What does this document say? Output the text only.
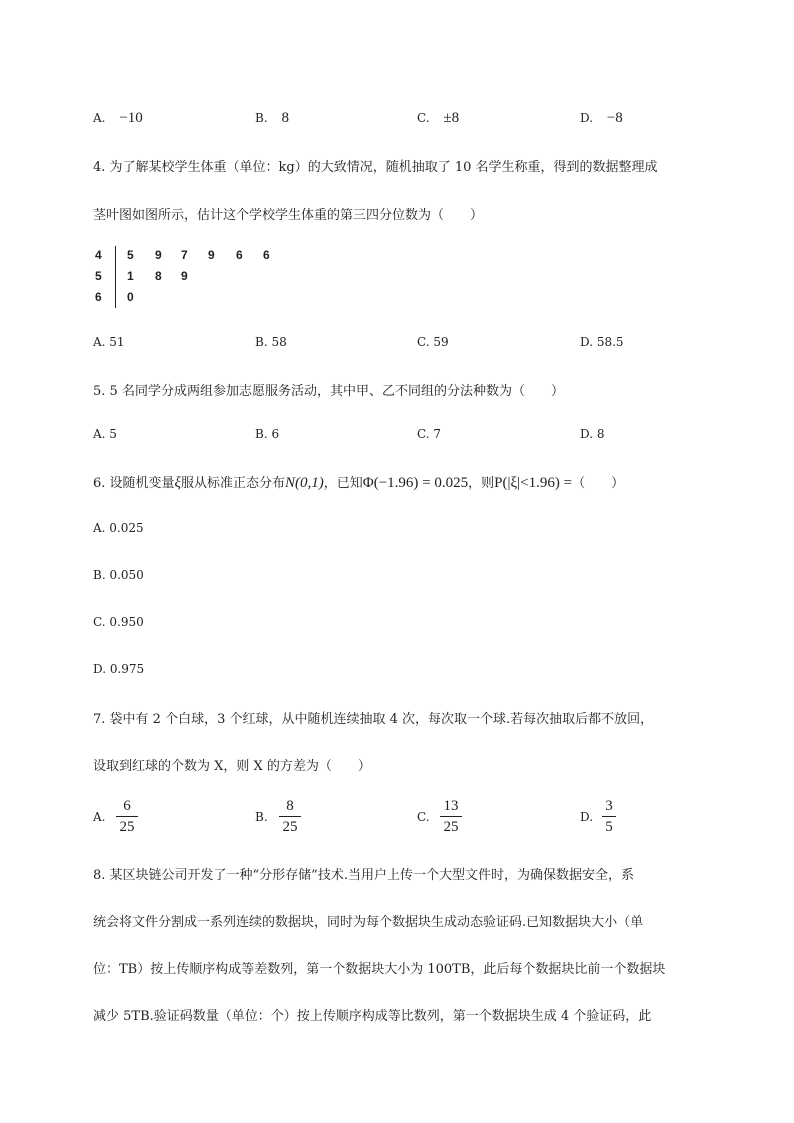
A. −10	B. 8	C. ±8	D. −8
4. 为了解某校学生体重（单位：kg）的大致情况，随机抽取了 10 名学生称重，得到的数据整理成
茎叶图如图所示，估计这个学校学生体重的第三四分位数为（　　）
4 5 9 7 9 6 6
5 1 8 9
6 0
A. 51	B. 58	C. 59	D. 58.5
5. 5 名同学分成两组参加志愿服务活动，其中甲、乙不同组的分法种数为（　　）
A. 5	B. 6	C. 7	D. 8
6. 设随机变量ξ服从标准正态分布N(0,1)，已知Φ(−1.96) = 0.025，则P(|ξ|<1.96) =（　　）
A. 0.025
B. 0.050
C. 0.950
D. 0.975
7. 袋中有 2 个白球，3 个红球，从中随机连续抽取 4 次，每次取一个球.若每次抽取后都不放回，
设取到红球的个数为 X，则 X 的方差为（　　）
A.
6
25
B.
8
25
C.
13
25
D.
3
5
8. 某区块链公司开发了一种“分形存储”技术.当用户上传一个大型文件时，为确保数据安全，系
统会将文件分割成一系列连续的数据块，同时为每个数据块生成动态验证码.已知数据块大小（单
位：TB）按上传顺序构成等差数列，第一个数据块大小为 100TB，此后每个数据块比前一个数据块
减少 5TB.验证码数量（单位：个）按上传顺序构成等比数列，第一个数据块生成 4 个验证码，此
